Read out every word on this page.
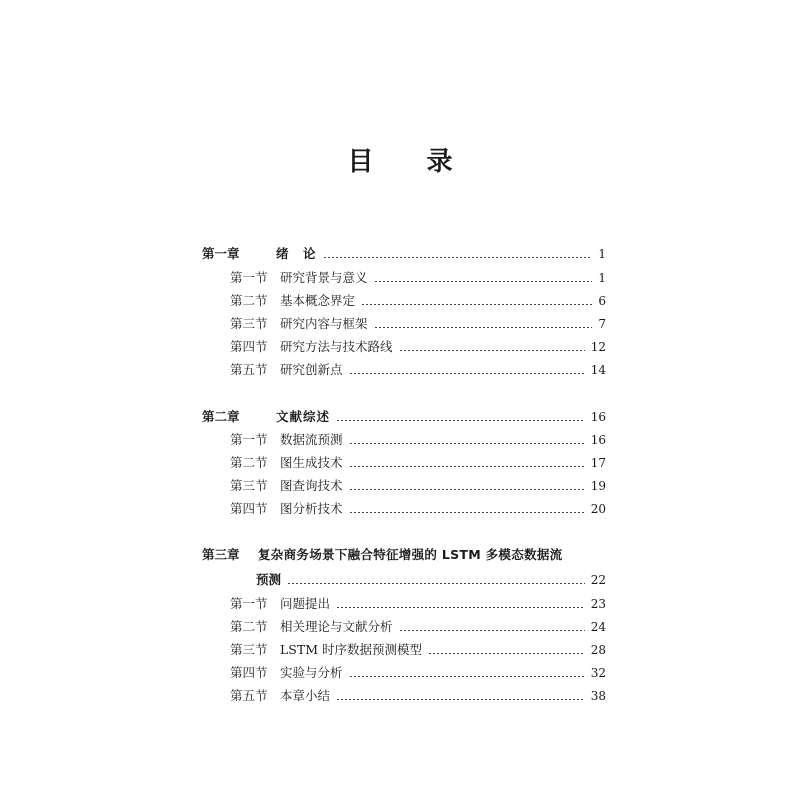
目 录
第一章	绪　论	1
第一节 研究背景与意义	1
第二节 基本概念界定	6
第三节 研究内容与框架	7
第四节 研究方法与技术路线	12
第五节 研究创新点	14
第二章	文献综述	16
第一节 数据流预测	16
第二节 图生成技术	17
第三节 图查询技术	19
第四节 图分析技术	20
第三章	复杂商务场景下融合特征增强的 LSTM 多模态数据流
预测	22
第一节 问题提出	23
第二节 相关理论与文献分析	24
第三节 LSTM 时序数据预测模型	28
第四节 实验与分析	32
第五节 本章小结	38
